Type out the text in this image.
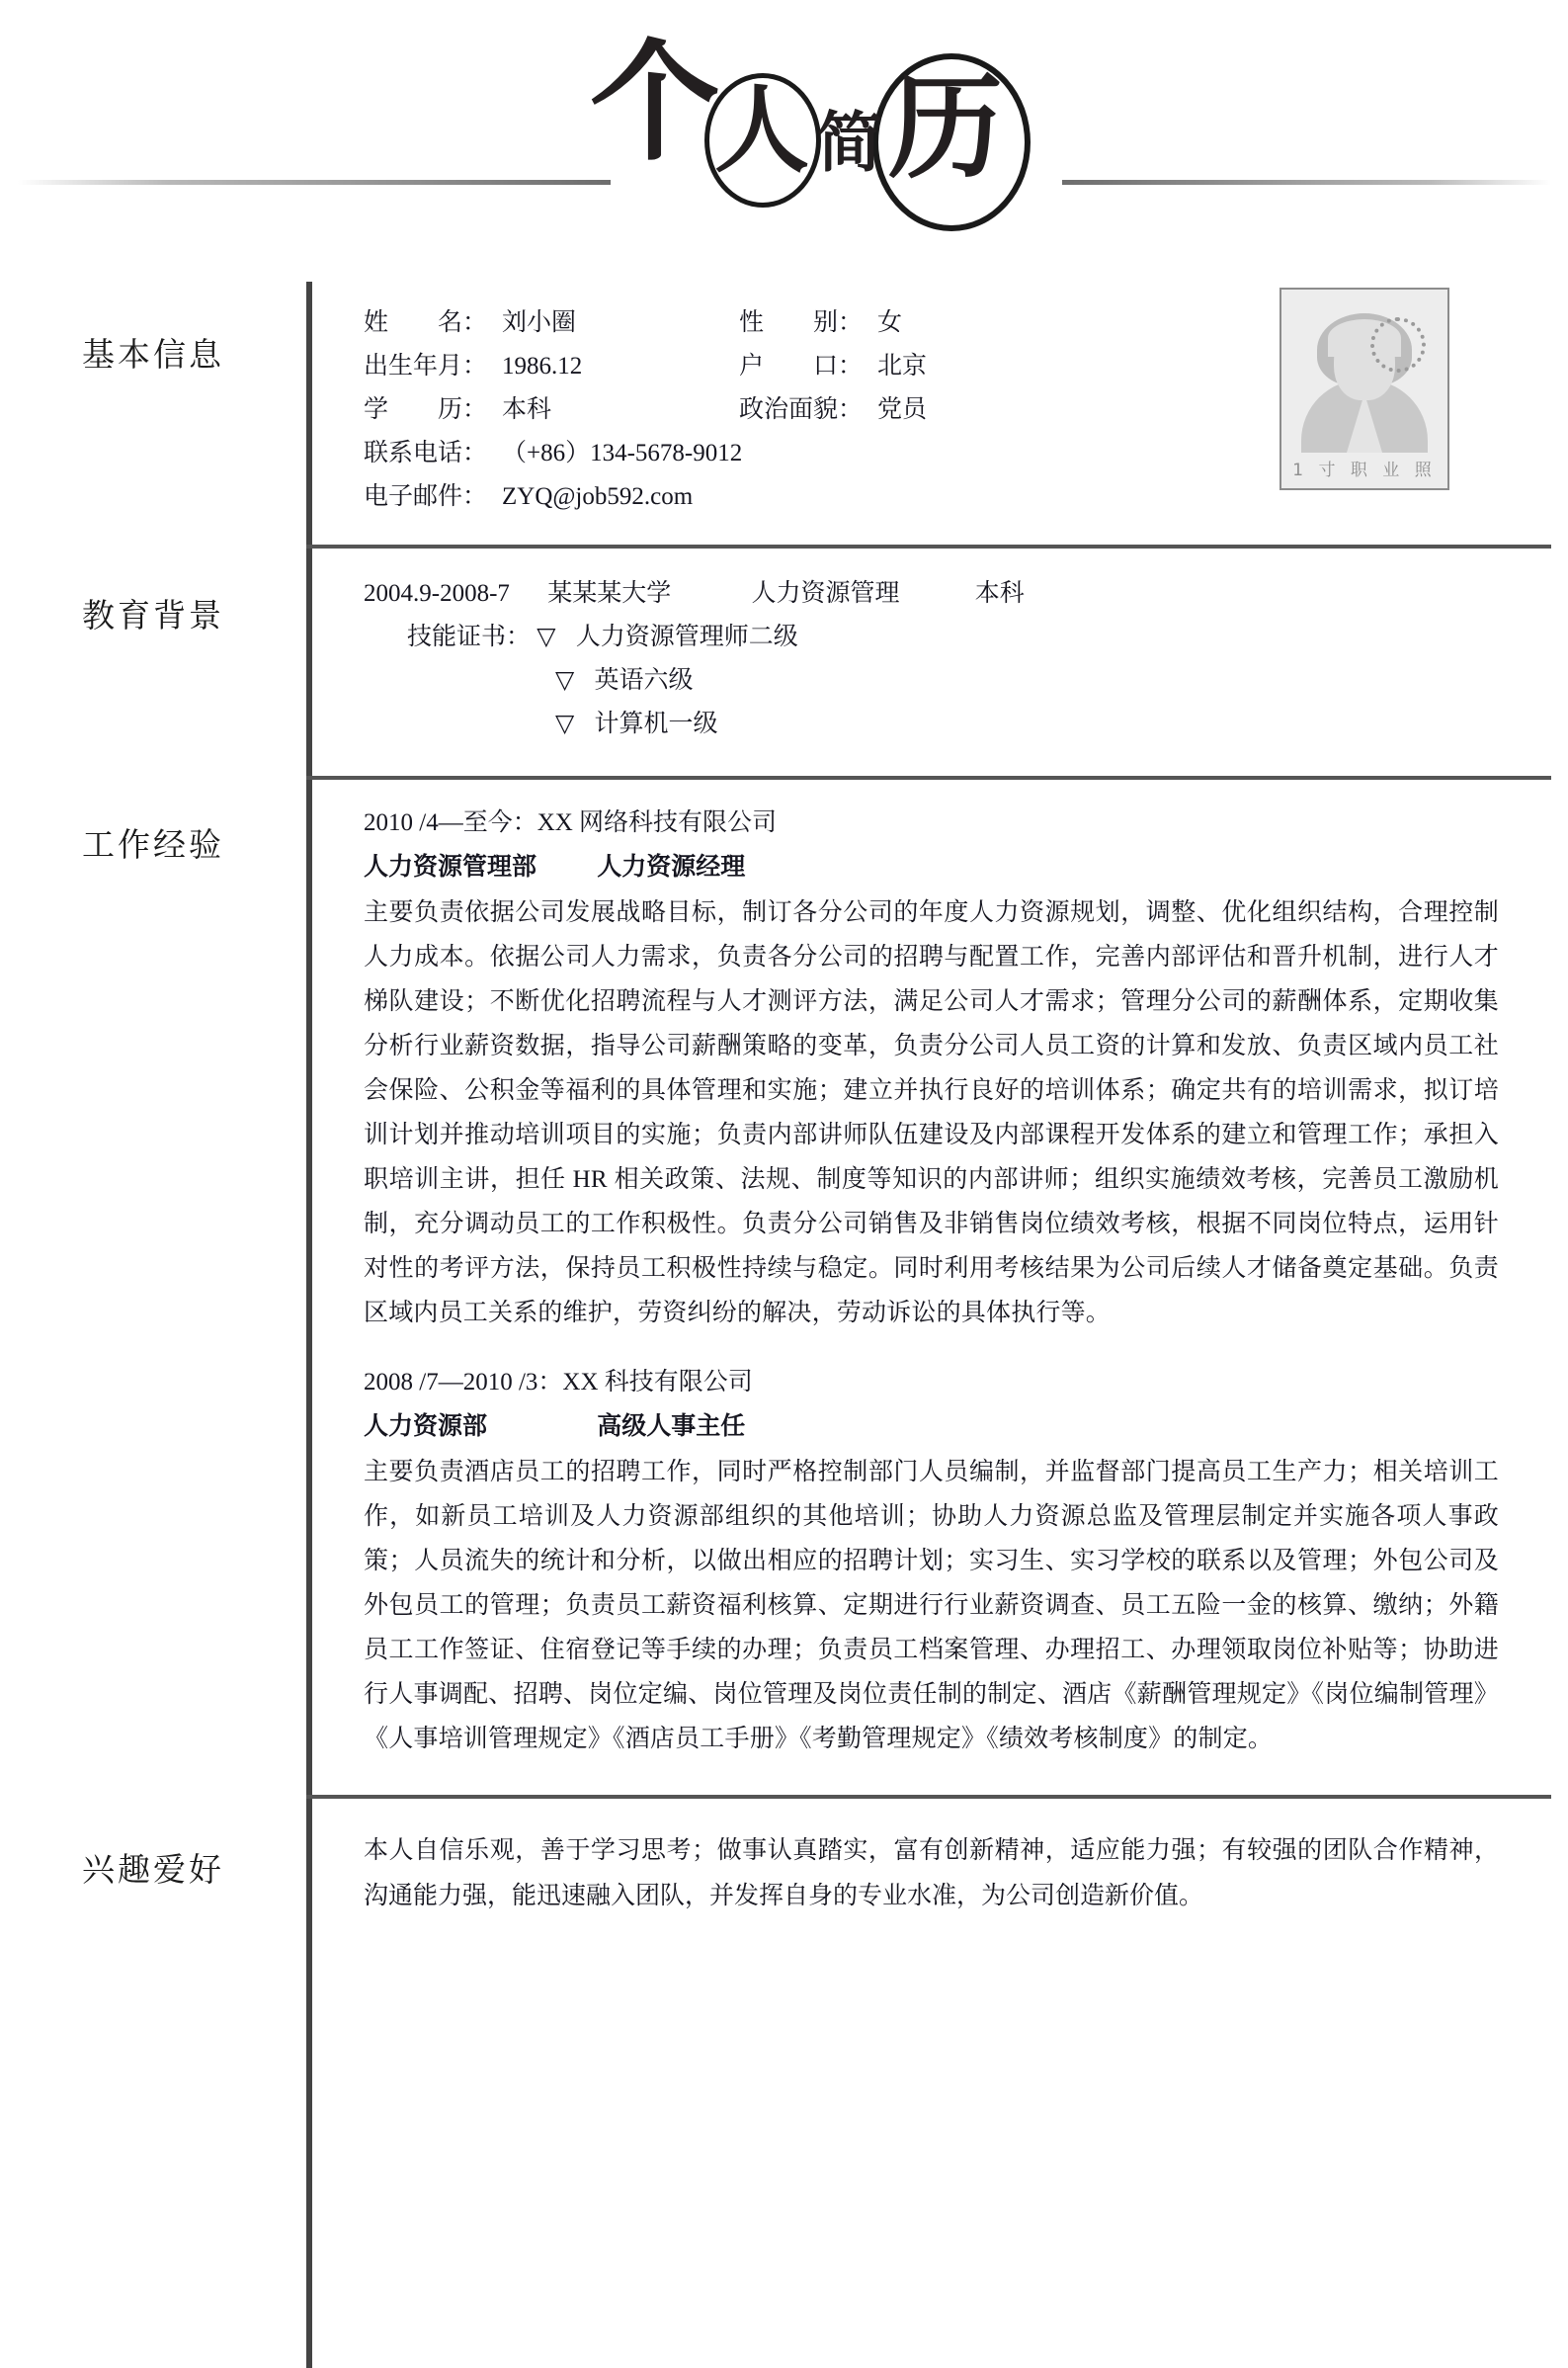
个
人 简 历
基本信息
姓　　名： 刘小圈	性　　别： 女
出生年月： 1986.12	户　　口： 北京
学　　历： 本科	政治面貌： 党员
联系电话： （+86）134-5678-9012
电子邮件： ZYQ@job592.com
1 寸 职 业 照
教育背景
2004.9-2008-7 某某某大学	人力资源管理	本科
技能证书： ▽ 人力资源管理师二级
▽ 英语六级
▽ 计算机一级
工作经验
2010 /4—至今：XX 网络科技有限公司
人力资源管理部 人力资源经理
主要负责依据公司发展战略目标，制订各分公司的年度人力资源规划，调整、优化组织结构，合理控制人力成本。依据公司人力需求，负责各分公司的招聘与配置工作，完善内部评估和晋升机制，进行人才梯队建设；不断优化招聘流程与人才测评方法，满足公司人才需求；管理分公司的薪酬体系，定期收集分析行业薪资数据，指导公司薪酬策略的变革，负责分公司人员工资的计算和发放、负责区域内员工社会保险、公积金等福利的具体管理和实施；建立并执行良好的培训体系；确定共有的培训需求，拟订培训计划并推动培训项目的实施；负责内部讲师队伍建设及内部课程开发体系的建立和管理工作；承担入职培训主讲，担任 HR 相关政策、法规、制度等知识的内部讲师；组织实施绩效考核，完善员工激励机制，充分调动员工的工作积极性。负责分公司销售及非销售岗位绩效考核，根据不同岗位特点，运用针对性的考评方法，保持员工积极性持续与稳定。同时利用考核结果为公司后续人才储备奠定基础。负责区域内员工关系的维护，劳资纠纷的解决，劳动诉讼的具体执行等。
2008 /7—2010 /3：XX 科技有限公司
人力资源部	高级人事主任
主要负责酒店员工的招聘工作，同时严格控制部门人员编制，并监督部门提高员工生产力；相关培训工作，如新员工培训及人力资源部组织的其他培训；协助人力资源总监及管理层制定并实施各项人事政策；人员流失的统计和分析，以做出相应的招聘计划；实习生、实习学校的联系以及管理；外包公司及外包员工的管理；负责员工薪资福利核算、定期进行行业薪资调查、员工五险一金的核算、缴纳；外籍员工工作签证、住宿登记等手续的办理；负责员工档案管理、办理招工、办理领取岗位补贴等；协助进行人事调配、招聘、岗位定编、岗位管理及岗位责任制的制定、酒店《薪酬管理规定》《岗位编制管理》《人事培训管理规定》《酒店员工手册》《考勤管理规定》《绩效考核制度》的制定。
兴趣爱好
本人自信乐观，善于学习思考；做事认真踏实，富有创新精神，适应能力强；有较强的团队合作精神，沟通能力强，能迅速融入团队，并发挥自身的专业水准，为公司创造新价值。
